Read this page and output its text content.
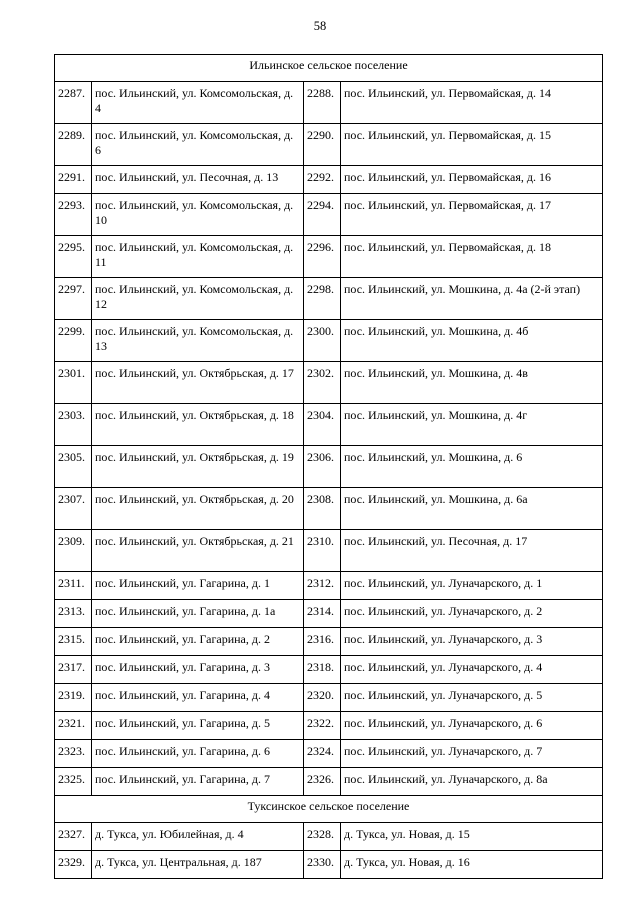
58
Ильинское сельское поселение			
2287.	пос. Ильинский, ул. Комсомольская, д. 4	2288.	пос. Ильинский, ул. Первомайская, д. 14
2289.	пос. Ильинский, ул. Комсомольская, д. 6	2290.	пос. Ильинский, ул. Первомайская, д. 15
2291.	пос. Ильинский, ул. Песочная, д. 13	2292.	пос. Ильинский, ул. Первомайская, д. 16
2293.	пос. Ильинский, ул. Комсомольская, д. 10	2294.	пос. Ильинский, ул. Первомайская, д. 17
2295.	пос. Ильинский, ул. Комсомольская, д. 11	2296.	пос. Ильинский, ул. Первомайская, д. 18
2297.	пос. Ильинский, ул. Комсомольская, д. 12	2298.	пос. Ильинский, ул. Мошкина, д. 4а (2-й этап)
2299.	пос. Ильинский, ул. Комсомольская, д. 13	2300.	пос. Ильинский, ул. Мошкина, д. 4б
2301.	пос. Ильинский, ул. Октябрьская, д. 17	2302.	пос. Ильинский, ул. Мошкина, д. 4в
2303.	пос. Ильинский, ул. Октябрьская, д. 18	2304.	пос. Ильинский, ул. Мошкина, д. 4г
2305.	пос. Ильинский, ул. Октябрьская, д. 19	2306.	пос. Ильинский, ул. Мошкина, д. 6
2307.	пос. Ильинский, ул. Октябрьская, д. 20	2308.	пос. Ильинский, ул. Мошкина, д. 6а
2309.	пос. Ильинский, ул. Октябрьская, д. 21	2310.	пос. Ильинский, ул. Песочная, д. 17
2311.	пос. Ильинский, ул. Гагарина, д. 1	2312.	пос. Ильинский, ул. Луначарского, д. 1
2313.	пос. Ильинский, ул. Гагарина, д. 1а	2314.	пос. Ильинский, ул. Луначарского, д. 2
2315.	пос. Ильинский, ул. Гагарина, д. 2	2316.	пос. Ильинский, ул. Луначарского, д. 3
2317.	пос. Ильинский, ул. Гагарина, д. 3	2318.	пос. Ильинский, ул. Луначарского, д. 4
2319.	пос. Ильинский, ул. Гагарина, д. 4	2320.	пос. Ильинский, ул. Луначарского, д. 5
2321.	пос. Ильинский, ул. Гагарина, д. 5	2322.	пос. Ильинский, ул. Луначарского, д. 6
2323.	пос. Ильинский, ул. Гагарина, д. 6	2324.	пос. Ильинский, ул. Луначарского, д. 7
2325.	пос. Ильинский, ул. Гагарина, д. 7	2326.	пос. Ильинский, ул. Луначарского, д. 8а
Туксинское сельское поселение			
2327.	д. Тукса, ул. Юбилейная, д. 4	2328.	д. Тукса, ул. Новая, д. 15
2329.	д. Тукса, ул. Центральная, д. 187	2330.	д. Тукса, ул. Новая, д. 16
